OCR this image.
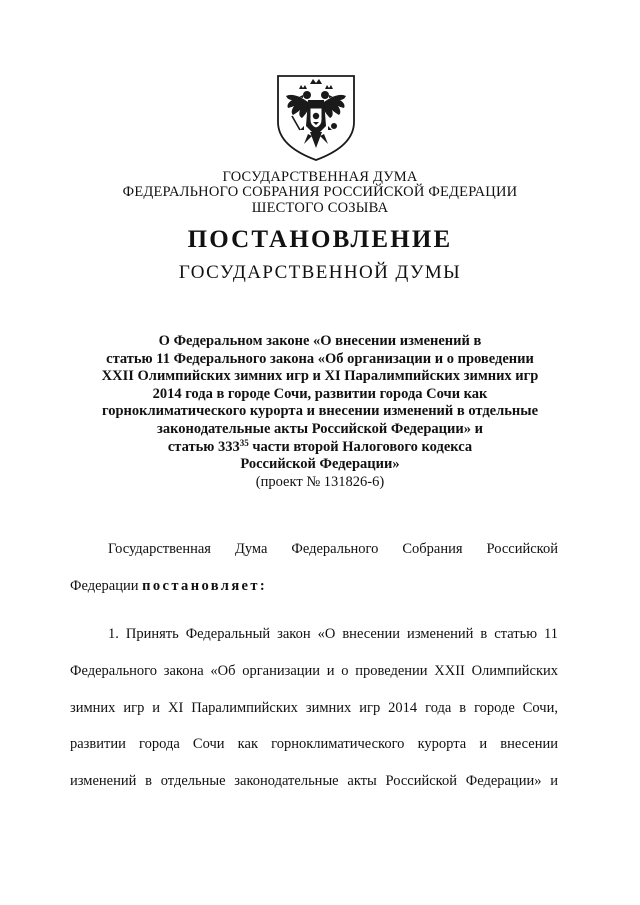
ГОСУДАРСТВЕННАЯ ДУМА
ФЕДЕРАЛЬНОГО СОБРАНИЯ РОССИЙСКОЙ ФЕДЕРАЦИИ
ШЕСТОГО СОЗЫВА
ПОСТАНОВЛЕНИЕ
ГОСУДАРСТВЕННОЙ ДУМЫ
О Федеральном законе «О внесении изменений в
статью 11 Федерального закона «Об организации и о проведении
XXII Олимпийских зимних игр и XI Паралимпийских зимних игр
2014 года в городе Сочи, развитии города Сочи как
горноклиматического курорта и внесении изменений в отдельные
законодательные акты Российской Федерации» и
статью $333^{35}$ части второй Налогового кодекса
Российской Федерации»
(проект № 131826-6)
Государственная Дума Федерального Собрания Российской
Федерации постановляет:
1. Принять Федеральный закон «О внесении изменений в статью 11
Федерального закона «Об организации и о проведении XXII Олимпийских
зимних игр и XI Паралимпийских зимних игр 2014 года в городе Сочи,
развитии города Сочи как горноклиматического курорта и внесении
изменений в отдельные законодательные акты Российской Федерации» и
